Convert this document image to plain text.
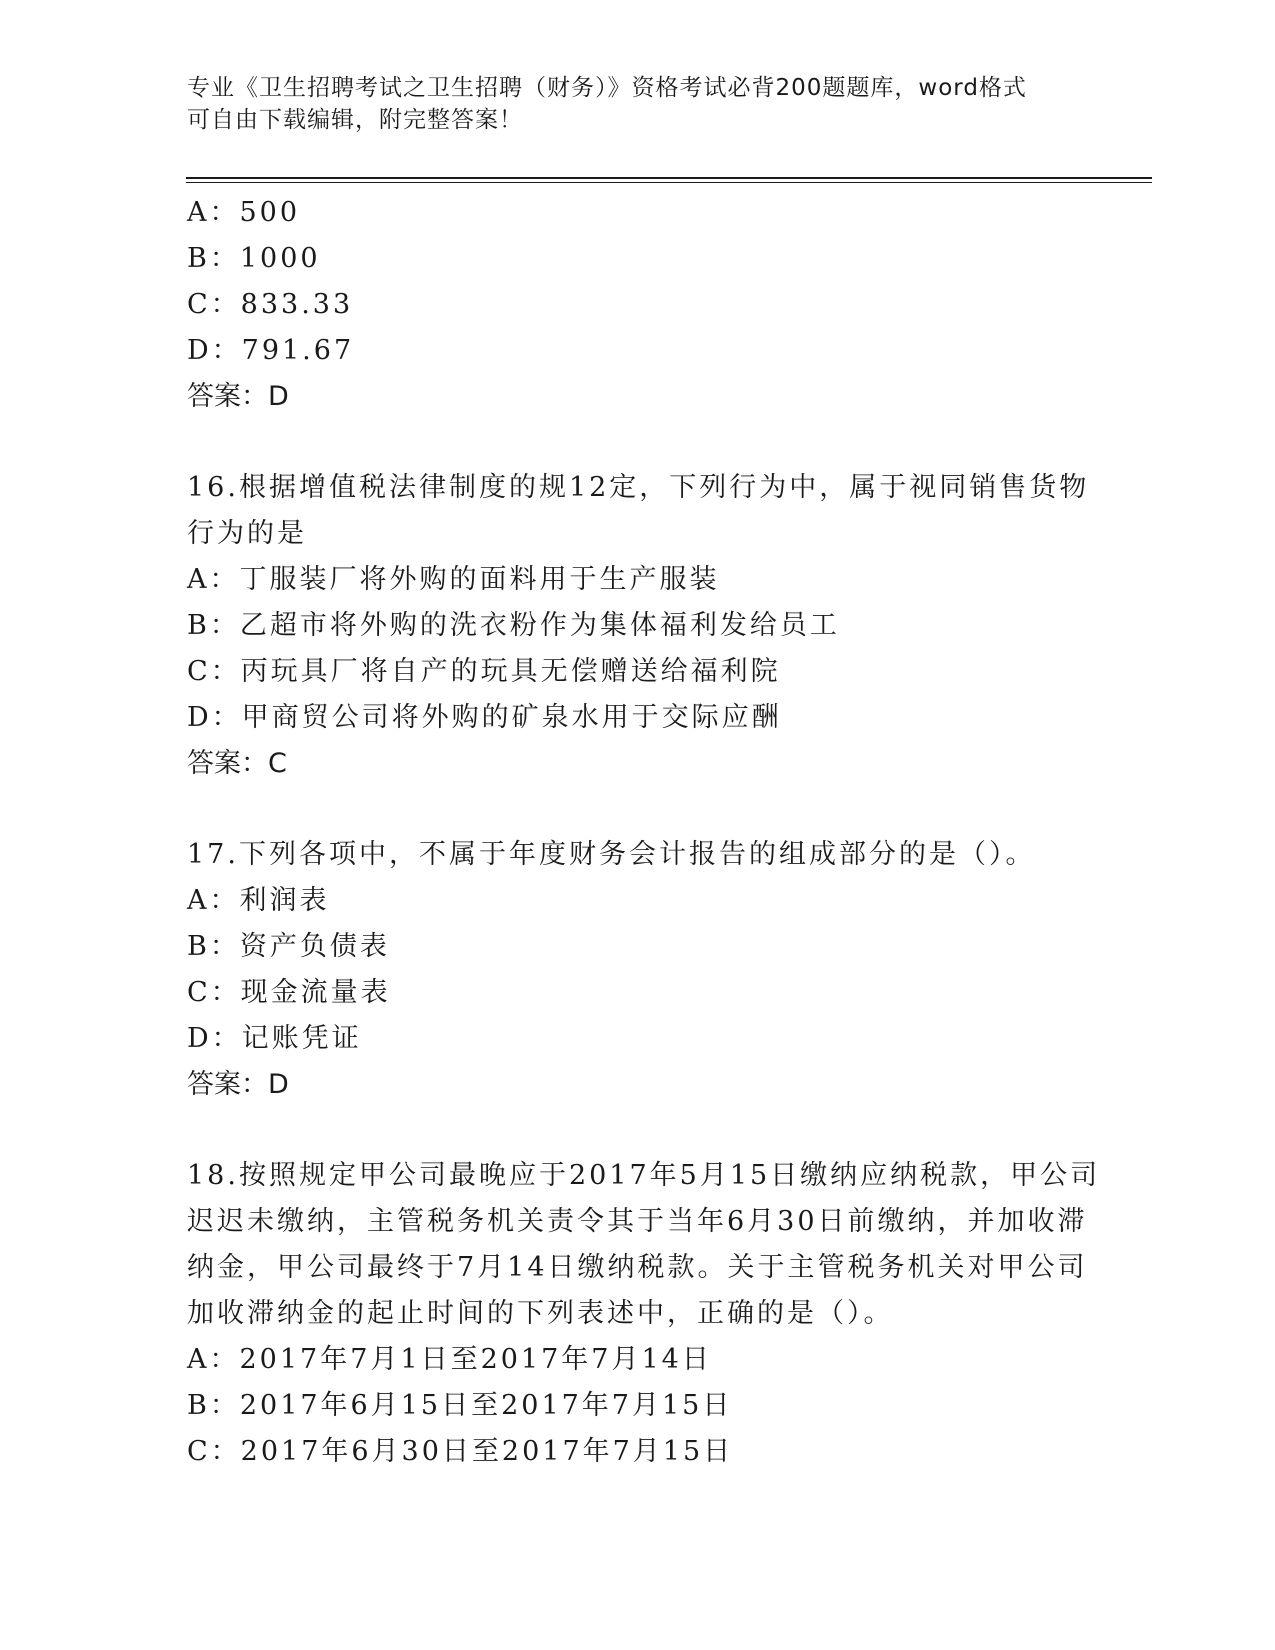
专业《卫生招聘考试之卫生招聘（财务）》资格考试必背200题题库，word格式
可自由下载编辑，附完整答案！
A：500
B：1000
C：833.33
D：791.67
答案：D
16.根据增值税法律制度的规12定，下列行为中，属于视同销售货物
行为的是
A：丁服装厂将外购的面料用于生产服装
B：乙超市将外购的洗衣粉作为集体福利发给员工
C：丙玩具厂将自产的玩具无偿赠送给福利院
D：甲商贸公司将外购的矿泉水用于交际应酬
答案：C
17.下列各项中，不属于年度财务会计报告的组成部分的是（）。
A：利润表
B：资产负债表
C：现金流量表
D：记账凭证
答案：D
18.按照规定甲公司最晚应于2017年5月15日缴纳应纳税款，甲公司
迟迟未缴纳，主管税务机关责令其于当年6月30日前缴纳，并加收滞
纳金，甲公司最终于7月14日缴纳税款。关于主管税务机关对甲公司
加收滞纳金的起止时间的下列表述中，正确的是（）。
A：2017年7月1日至2017年7月14日
B：2017年6月15日至2017年7月15日
C：2017年6月30日至2017年7月15日
